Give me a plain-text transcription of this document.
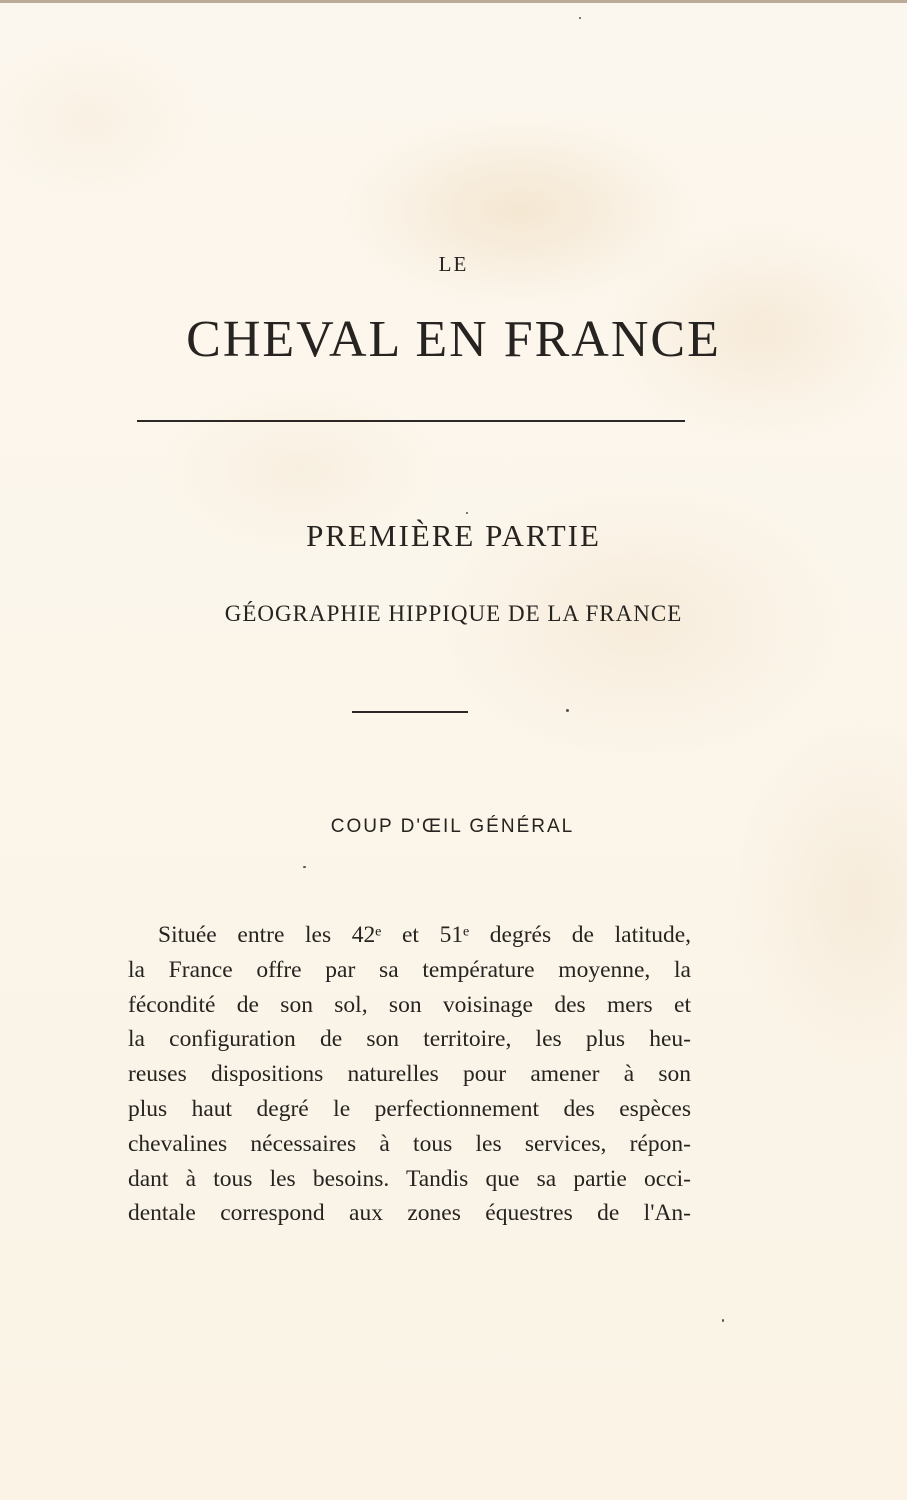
LE
CHEVAL EN FRANCE
PREMIÈRE PARTIE
GÉOGRAPHIE HIPPIQUE DE LA FRANCE
COUP D'ŒIL GÉNÉRAL
Située entre les 42ᵉ et 51ᵉ degrés de latitude,
la France offre par sa température moyenne, la
fécondité de son sol, son voisinage des mers et
la configuration de son territoire, les plus heu-
reuses dispositions naturelles pour amener à son
plus haut degré le perfectionnement des espèces
chevalines nécessaires à tous les services, répon-
dant à tous les besoins. Tandis que sa partie occi-
dentale correspond aux zones équestres de l'An-
